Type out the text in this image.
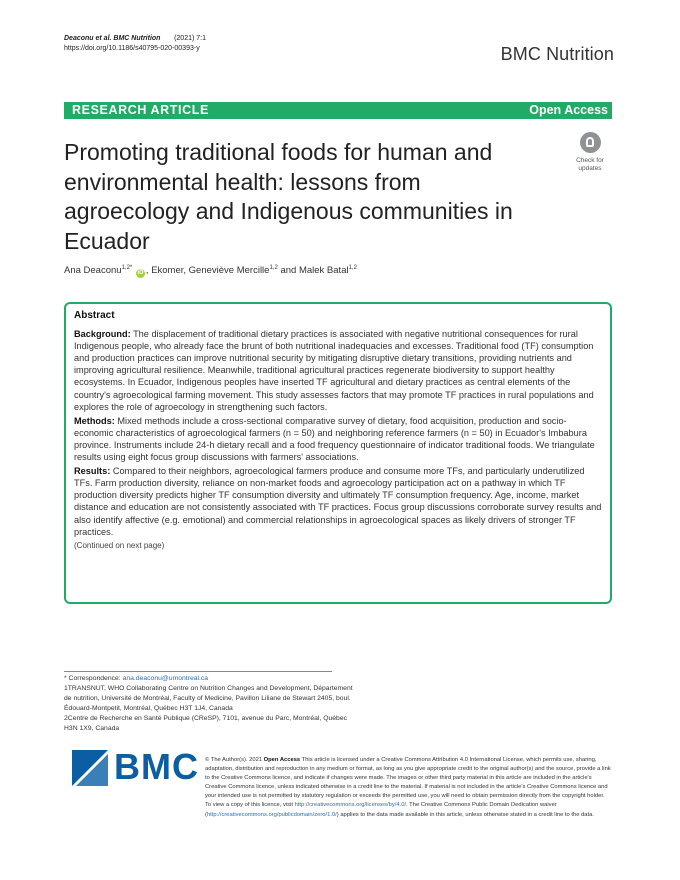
Deaconu et al. BMC Nutrition (2021) 7:1
https://doi.org/10.1186/s40795-020-00393-y	BMC Nutrition
RESEARCH ARTICLE	Open Access
Promoting traditional foods for human and environmental health: lessons from agroecology and Indigenous communities in Ecuador
Check for updates
Ana Deaconu$^{1,2*}$ iD , Ekomer, Geneviève Mercille$^{1,2}$ and Malek Batal$^{1,2}$
Abstract

Background: The displacement of traditional dietary practices is associated with negative nutritional consequences for rural Indigenous people, who already face the brunt of both nutritional inadequacies and excesses. Traditional food (TF) consumption and production practices can improve nutritional security by mitigating disruptive dietary transitions, providing nutrients and improving agricultural resilience. Meanwhile, traditional agricultural practices regenerate biodiversity to support healthy ecosystems. In Ecuador, Indigenous peoples have inserted TF agricultural and dietary practices as central elements of the country's agroecological farming movement. This study assesses factors that may promote TF practices in rural populations and explores the role of agroecology in strengthening such factors.

Methods: Mixed methods include a cross-sectional comparative survey of dietary, food acquisition, production and socio-economic characteristics of agroecological farmers (n = 50) and neighboring reference farmers (n = 50) in Ecuador's Imbabura province. Instruments include 24-h dietary recall and a food frequency questionnaire of indicator traditional foods. We triangulate results using eight focus group discussions with farmers' associations.

Results: Compared to their neighbors, agroecological farmers produce and consume more TFs, and particularly underutilized TFs. Farm production diversity, reliance on non-market foods and agroecology participation act on a pathway in which TF production diversity predicts higher TF consumption diversity and ultimately TF consumption frequency. Age, income, market distance and education are not consistently associated with TF practices. Focus group discussions corroborate survey results and also identify affective (e.g. emotional) and commercial relationships in agroecological spaces as likely drivers of stronger TF practices.

(Continued on next page)
* Correspondence: ana.deaconu@umontreal.ca
1TRANSNUT, WHO Collaborating Centre on Nutrition Changes and Development, Département de nutrition, Université de Montréal, Faculty of Medicine, Pavillon Liliane de Stewart 2405, boul. Édouard-Montpetit, Montréal, Québec H3T 1J4, Canada
2Centre de Recherche en Santé Publique (CReSP), 7101, avenue du Parc, Montréal, Québec H3N 1X9, Canada
BMC © The Author(s). 2021 Open Access This article is licensed under a Creative Commons Attribution 4.0 International License, which permits use, sharing, adaptation, distribution and reproduction in any medium or format, as long as you give appropriate credit to the original author(s) and the source, provide a link to the Creative Commons licence, and indicate if changes were made. The images or other third party material in this article are included in the article's Creative Commons licence, unless indicated otherwise in a credit line to the material. If material is not included in the article's Creative Commons licence and your intended use is not permitted by statutory regulation or exceeds the permitted use, you will need to obtain permission directly from the copyright holder. To view a copy of this licence, visit http://creativecommons.org/licenses/by/4.0/. The Creative Commons Public Domain Dedication waiver (http://creativecommons.org/publicdomain/zero/1.0/) applies to the data made available in this article, unless otherwise stated in a credit line to the data.
